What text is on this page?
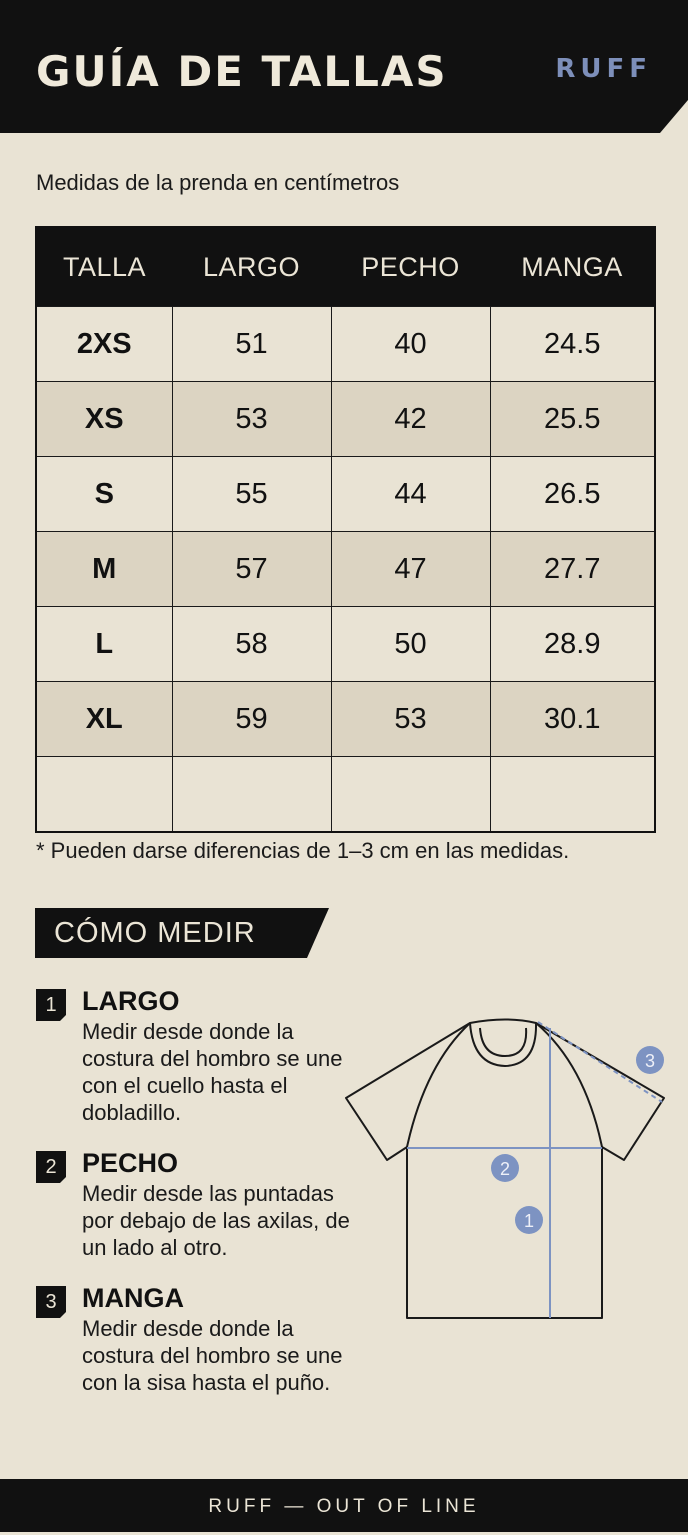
GUÍA DE TALLAS	RUFF
Medidas de la prenda en centímetros
TALLA	LARGO	PECHO	MANGA
2XS	51	40	24.5
XS	53	42	25.5
S	55	44	26.5
M	57	47	27.7
L	58	50	28.9
XL	59	53	30.1

* Pueden darse diferencias de 1–3 cm en las medidas.
CÓMO MEDIR
1 LARGO

Medir desde donde la costura del hombro se une con el cuello hasta el dobladillo.

2 PECHO

Medir desde las puntadas por debajo de las axilas, de un lado al otro.

3 MANGA

Medir desde donde la costura del hombro se une con la sisa hasta el puño.

1
2
3
RUFF — OUT OF LINE
